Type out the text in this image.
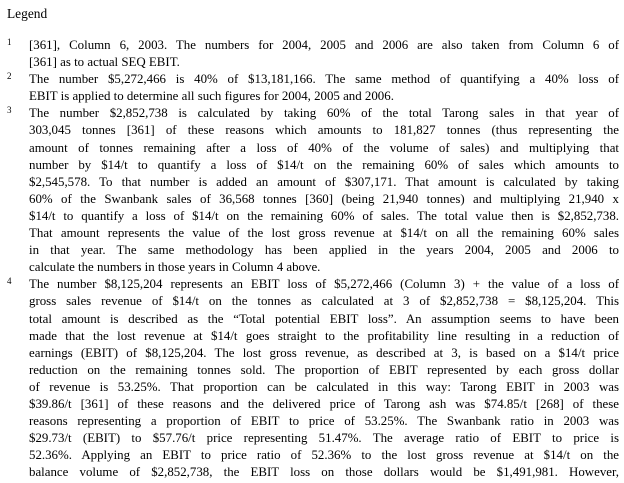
Legend
1 [361], Column 6, 2003. The numbers for 2004, 2005 and 2006 are also taken from Column 6 of
[361] as to actual SEQ EBIT.
2 The number $5,272,466 is 40% of $13,181,166. The same method of quantifying a 40% loss of
EBIT is applied to determine all such figures for 2004, 2005 and 2006.
3 The number $2,852,738 is calculated by taking 60% of the total Tarong sales in that year of
303,045 tonnes [361] of these reasons which amounts to 181,827 tonnes (thus representing the
amount of tonnes remaining after a loss of 40% of the volume of sales) and multiplying that
number by $14/t to quantify a loss of $14/t on the remaining 60% of sales which amounts to
$2,545,578. To that number is added an amount of $307,171. That amount is calculated by taking
60% of the Swanbank sales of 36,568 tonnes [360] (being 21,940 tonnes) and multiplying 21,940 x
$14/t to quantify a loss of $14/t on the remaining 60% of sales. The total value then is $2,852,738.
That amount represents the value of the lost gross revenue at $14/t on all the remaining 60% sales
in that year. The same methodology has been applied in the years 2004, 2005 and 2006 to
calculate the numbers in those years in Column 4 above.
4 The number $8,125,204 represents an EBIT loss of $5,272,466 (Column 3) + the value of a loss of
gross sales revenue of $14/t on the tonnes as calculated at 3 of $2,852,738 = $8,125,204. This
total amount is described as the “Total potential EBIT loss”. An assumption seems to have been
made that the lost revenue at $14/t goes straight to the profitability line resulting in a reduction of
earnings (EBIT) of $8,125,204. The lost gross revenue, as described at 3, is based on a $14/t price
reduction on the remaining tonnes sold. The proportion of EBIT represented by each gross dollar
of revenue is 53.25%. That proportion can be calculated in this way: Tarong EBIT in 2003 was
$39.86/t [361] of these reasons and the delivered price of Tarong ash was $74.85/t [268] of these
reasons representing a proportion of EBIT to price of 53.25%. The Swanbank ratio in 2003 was
$29.73/t (EBIT) to $57.76/t price representing 51.47%. The average ratio of EBIT to price is
52.36%. Applying an EBIT to price ratio of 52.36% to the lost gross revenue at $14/t on the
balance volume of $2,852,738, the EBIT loss on those dollars would be $1,491,981. However,
